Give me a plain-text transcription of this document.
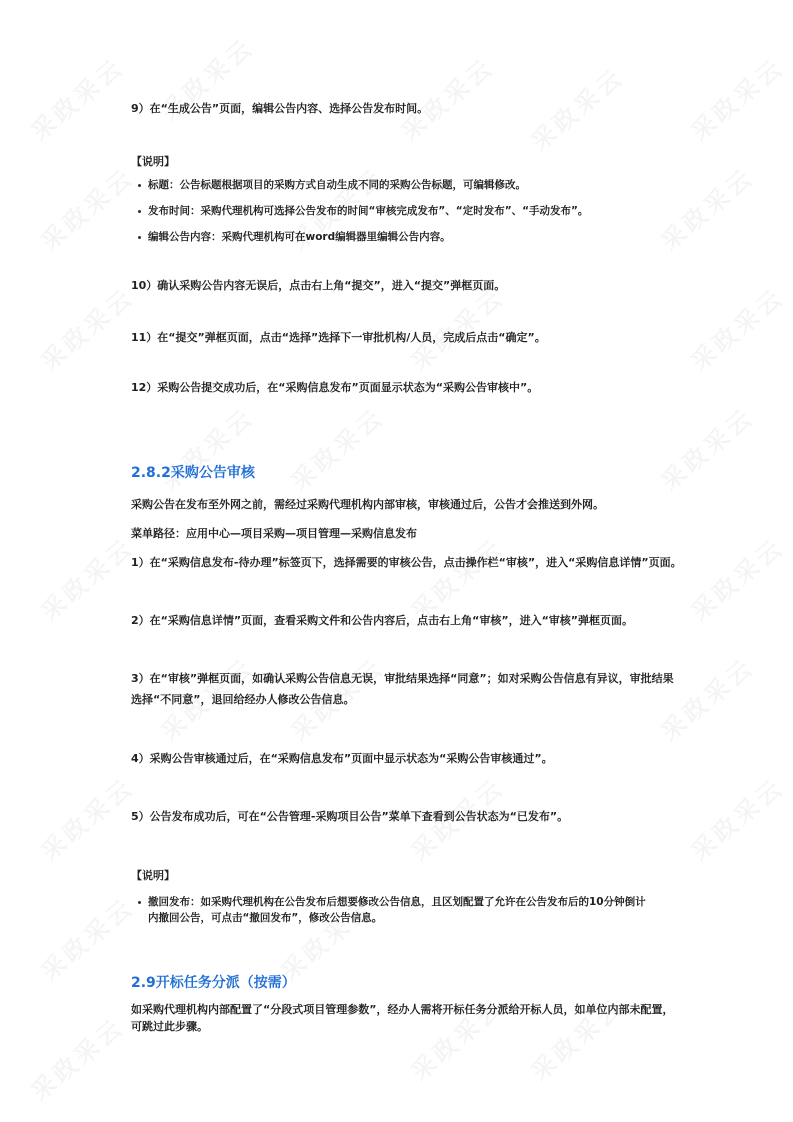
9）在“生成公告”页面，编辑公告内容、选择公告发布时间。
【说明】
标题：公告标题根据项目的采购方式自动生成不同的采购公告标题，可编辑修改。
发布时间：采购代理机构可选择公告发布的时间“审核完成发布”、“定时发布”、“手动发布”。
编辑公告内容：采购代理机构可在word编辑器里编辑公告内容。
10）确认采购公告内容无误后，点击右上角“提交”，进入“提交”弹框页面。
11）在“提交”弹框页面，点击“选择”选择下一审批机构/人员，完成后点击“确定”。
12）采购公告提交成功后，在“采购信息发布”页面显示状态为“采购公告审核中”。
2.8.2采购公告审核
采购公告在发布至外网之前，需经过采购代理机构内部审核，审核通过后，公告才会推送到外网。
菜单路径：应用中心—项目采购—项目管理—采购信息发布
1）在“采购信息发布-待办理”标签页下，选择需要的审核公告，点击操作栏“审核”，进入“采购信息详情”页面。
2）在“采购信息详情”页面，查看采购文件和公告内容后，点击右上角“审核”，进入“审核”弹框页面。
3）在“审核”弹框页面，如确认采购公告信息无误，审批结果选择“同意”；如对采购公告信息有异议，审批结果
选择“不同意”，退回给经办人修改公告信息。
4）采购公告审核通过后，在“采购信息发布”页面中显示状态为“采购公告审核通过”。
5）公告发布成功后，可在“公告管理-采购项目公告”菜单下查看到公告状态为“已发布”。
【说明】
撤回发布：如采购代理机构在公告发布后想要修改公告信息，且区划配置了允许在公告发布后的10分钟倒计
内撤回公告，可点击“撤回发布”，修改公告信息。
2.9开标任务分派（按需）
如采购代理机构内部配置了“分段式项目管理参数”，经办人需将开标任务分派给开标人员，如单位内部未配置，
可跳过此步骤。
